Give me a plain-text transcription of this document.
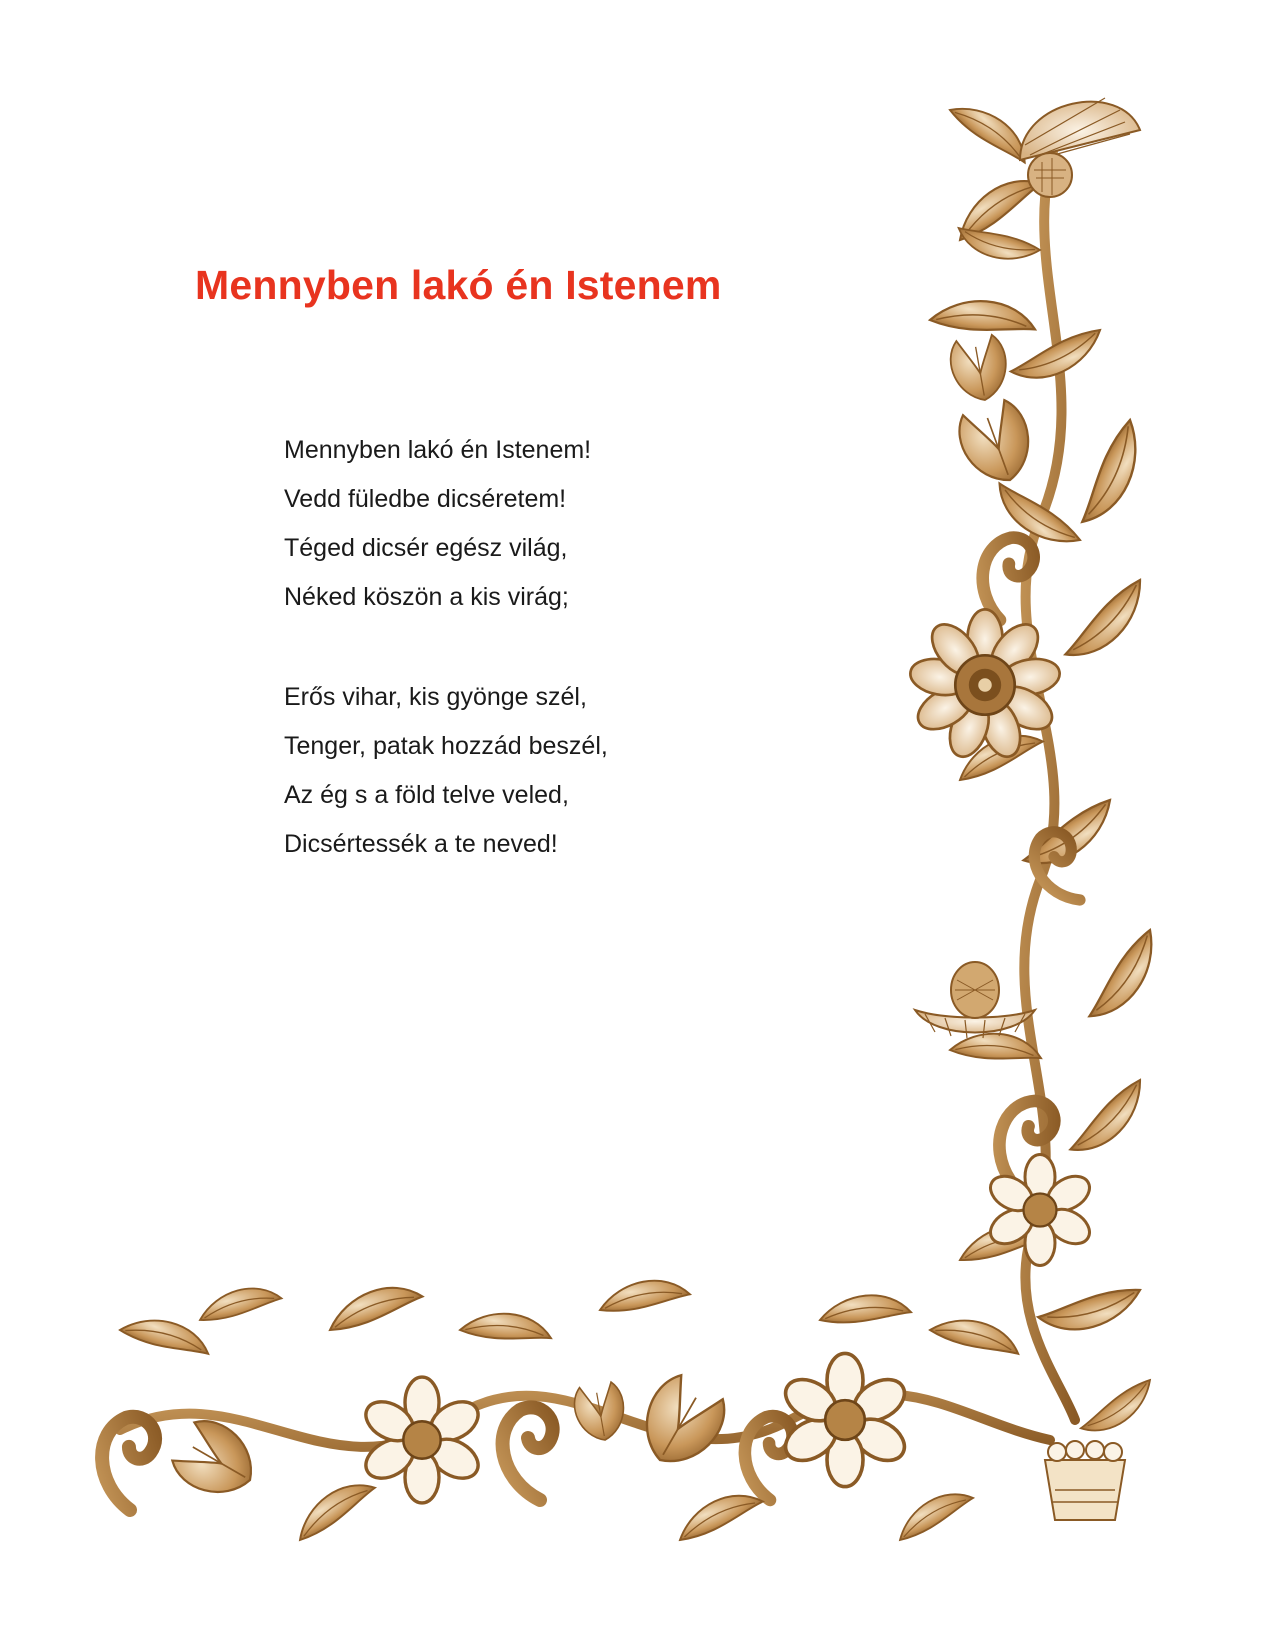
Mennyben lakó én Istenem
Mennyben lakó én Istenem!
Vedd füledbe dicséretem!
Téged dicsér egész világ,
Néked köszön a kis virág;
Erős vihar, kis gyönge szél,
Tenger, patak hozzád beszél,
Az ég s a föld telve veled,
Dicsértessék a te neved!
